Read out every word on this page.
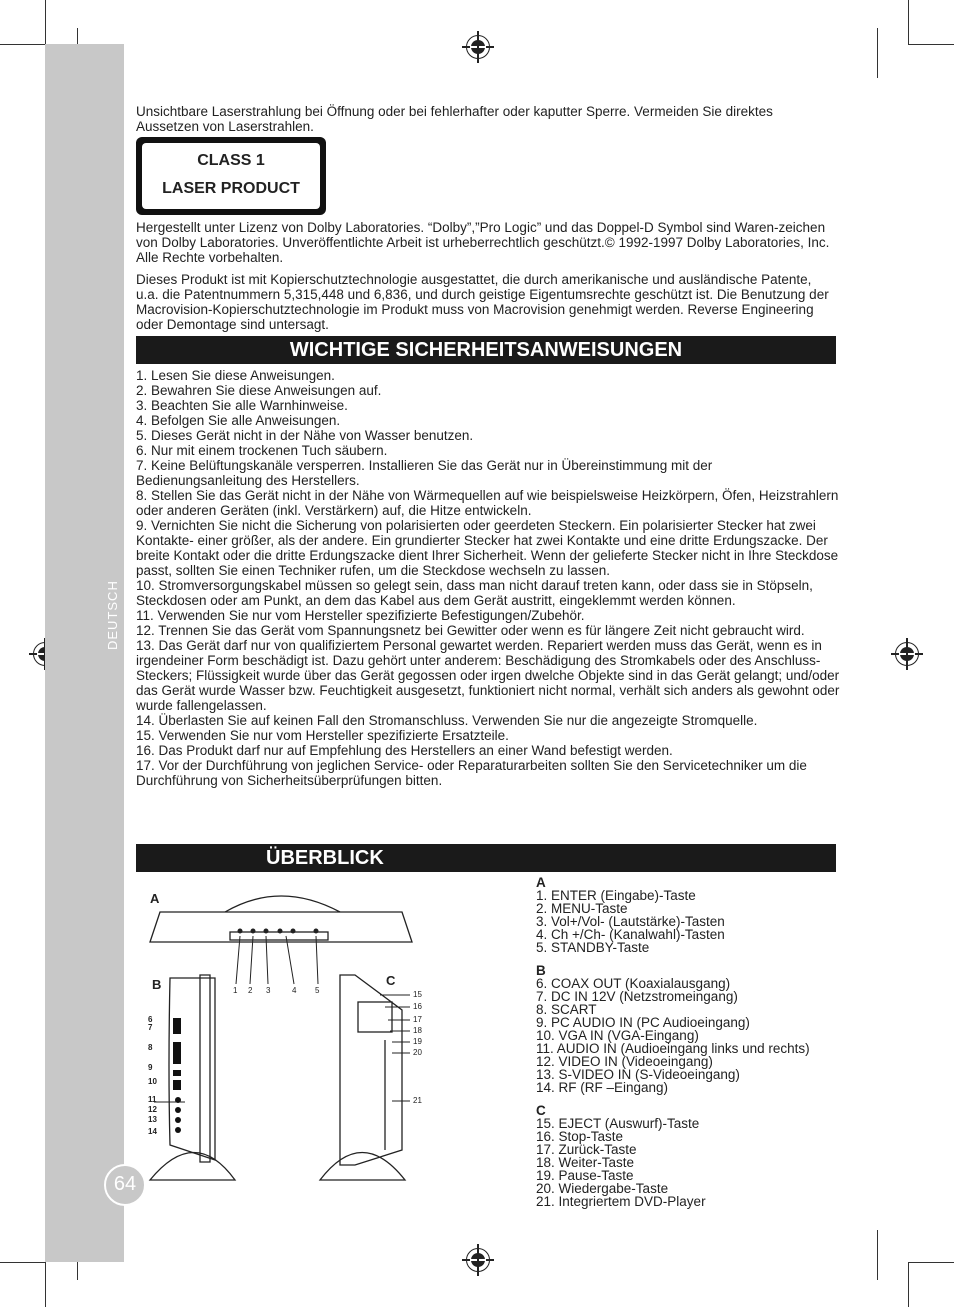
DEUTSCH
64
Unsichtbare Laserstrahlung bei Öffnung oder bei fehlerhafter oder kaputter Sperre. Vermeiden Sie direktes Aussetzen von Laserstrahlen.
CLASS 1
LASER PRODUCT
Hergestellt unter Lizenz von Dolby Laboratories. “Dolby”,”Pro Logic” und das Doppel-D Symbol sind Waren-zeichen von Dolby Laboratories. Unveröffentlichte Arbeit ist urheberrechtlich geschützt.© 1992-1997 Dolby Laboratories, Inc. Alle Rechte vorbehalten.
Dieses Produkt ist mit Kopierschutztechnologie ausgestattet, die durch amerikanische und ausländische Patente, u.a. die Patentnummern 5,315,448 und 6,836, und durch geistige Eigentumsrechte geschützt ist. Die Benutzung der Macrovision-Kopierschutztechnologie im Produkt muss von Macrovision genehmigt werden. Reverse Engineering oder Demontage sind untersagt.
WICHTIGE SICHERHEITSANWEISUNGEN
1. Lesen Sie diese Anweisungen.
2. Bewahren Sie diese Anweisungen auf.
3. Beachten Sie alle Warnhinweise.
4. Befolgen Sie alle Anweisungen.
5. Dieses Gerät nicht in der Nähe von Wasser benutzen.
6. Nur mit einem trockenen Tuch säubern.
7. Keine Belüftungskanäle versperren. Installieren Sie das Gerät nur in Übereinstimmung mit der Bedienungsanleitung des Herstellers.
8. Stellen Sie das Gerät nicht in der Nähe von Wärmequellen auf wie beispielsweise Heizkörpern, Öfen, Heizstrahlern oder anderen Geräten (inkl. Verstärkern) auf, die Hitze entwickeln.
9. Vernichten Sie nicht die Sicherung von polarisierten oder geerdeten Steckern. Ein polarisierter Stecker hat zwei Kontakte- einer größer, als der andere. Ein grundierter Stecker hat zwei Kontakte und eine dritte Erdungszacke. Der breite Kontakt oder die dritte Erdungszacke dient Ihrer Sicherheit. Wenn der gelieferte Stecker nicht in Ihre Steckdose passt, sollten Sie einen Techniker rufen, um die Steckdose wechseln zu lassen.
10. Stromversorgungskabel müssen so gelegt sein, dass man nicht darauf treten kann, oder dass sie in Stöpseln, Steckdosen oder am Punkt, an dem das Kabel aus dem Gerät austritt, eingeklemmt werden können.
11. Verwenden Sie nur vom Hersteller spezifizierte Befestigungen/Zubehör.
12. Trennen Sie das Gerät vom Spannungsnetz bei Gewitter oder wenn es für längere Zeit nicht gebraucht wird.
13. Das Gerät darf nur von qualifiziertem Personal gewartet werden. Repariert werden muss das Gerät, wenn es in irgendeiner Form beschädigt ist. Dazu gehört unter anderem: Beschädigung des Stromkabels oder des Anschluss-Steckers; Flüssigkeit wurde über das Gerät gegossen oder irgen dwelche Objekte sind in das Gerät gelangt; und/oder das Gerät wurde Wasser bzw. Feuchtigkeit ausgesetzt, funktioniert nicht normal, verhält sich anders als gewohnt oder wurde fallengelassen.
14. Überlasten Sie auf keinen Fall den Stromanschluss. Verwenden Sie nur die angezeigte Stromquelle.
15. Verwenden Sie nur vom Hersteller spezifizierte Ersatzteile.
16. Das Produkt darf nur auf Empfehlung des Herstellers an einer Wand befestigt werden.
17. Vor der Durchführung von jeglichen Service- oder Reparaturarbeiten sollten Sie den Servicetechniker um die Durchführung von Sicherheitsüberprüfungen bitten.
ÜBERBLICK
A
B	C
1 2 3	4 5
6
7
8
9
10
11
12
13
14
15
16
17
18
19
20
21
A
1. ENTER (Eingabe)-Taste
2. MENU-Taste
3. Vol+/Vol- (Lautstärke)-Tasten
4. Ch +/Ch- (Kanalwahl)-Tasten
5. STANDBY-Taste
B
6. COAX OUT (Koaxialausgang)
7. DC IN 12V (Netzstromeingang)
8. SCART
9. PC AUDIO IN (PC Audioeingang)
10. VGA IN (VGA-Eingang)
11. AUDIO IN (Audioeingang links und rechts)
12. VIDEO IN (Videoeingang)
13. S-VIDEO IN (S-Videoeingang)
14. RF (RF –Eingang)
C
15. EJECT (Auswurf)-Taste
16. Stop-Taste
17. Zurück-Taste
18. Weiter-Taste
19. Pause-Taste
20. Wiedergabe-Taste
21. Integriertem DVD-Player
